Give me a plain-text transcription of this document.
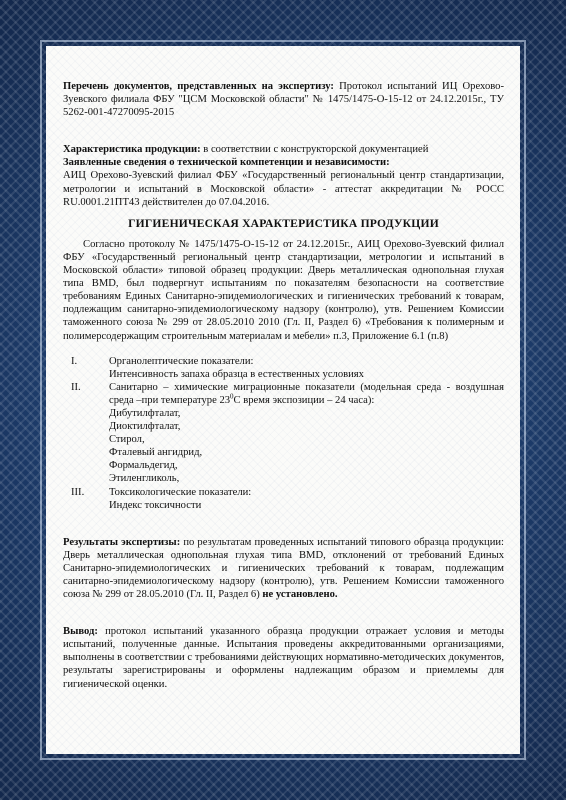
Перечень документов, представленных на экспертизу: Протокол испытаний ИЦ Орехово-Зуевского филиала ФБУ "ЦСМ Московской области" № 1475/1475-О-15-12 от 24.12.2015г., ТУ 5262-001-47270095-2015

Характеристика продукции: в соответствии с конструкторской документацией

Заявленные сведения о технической компетенции и независимости:

АИЦ Орехово-Зуевский филиал ФБУ «Государственный региональный центр стандартизации, метрологии и испытаний в Московской области» - аттестат аккредитации № РОСС RU.0001.21ПТ43 действителен до 07.04.2016.

ГИГИЕНИЧЕСКАЯ ХАРАКТЕРИСТИКА ПРОДУКЦИИ

Согласно протоколу № 1475/1475-О-15-12 от 24.12.2015г., АИЦ Орехово-Зуевский филиал ФБУ «Государственный региональный центр стандартизации, метрологии и испытаний в Московской области» типовой образец продукции: Дверь металлическая однопольная глухая типа BMD, был подвергнут испытаниям по показателям безопасности на соответствие требованиям Единых Санитарно-эпидемиологических и гигиенических требований к товарам, подлежащим санитарно-эпидемиологическому надзору (контролю), утв. Решением Комиссии таможенного союза № 299 от 28.05.2010 2010 (Гл. II, Раздел 6) «Требования к полимерным и полимерсодержащим строительным материалам и мебели» п.3, Приложение 6.1 (п.8)

I.	Органолептические показатели:

Интенсивность запаха образца в естественных условиях

II.	Санитарно – химические миграционные показатели (модельная среда - воздушная среда –при температуре $23^0С$ время экспозиции – 24 часа):

Дибутилфталат,

Диоктилфталат,

Стирол,

Фталевый ангидрид,

Формальдегид,

Этиленгликоль,

III.	Токсикологические показатели:

Индекс токсичности

Результаты экспертизы: по результатам проведенных испытаний типового образца продукции: Дверь металлическая однопольная глухая типа BMD, отклонений от требований Единых Санитарно-эпидемиологических и гигиенических требований к товарам, подлежащим санитарно-эпидемиологическому надзору (контролю), утв. Решением Комиссии таможенного союза № 299 от 28.05.2010 (Гл. II, Раздел 6) не установлено.

Вывод: протокол испытаний указанного образца продукции отражает условия и методы испытаний, полученные данные. Испытания проведены аккредитованными организациями, выполнены в соответствии с требованиями действующих нормативно-методических документов, результаты зарегистрированы и оформлены надлежащим образом и приемлемы для гигиенической оценки.
